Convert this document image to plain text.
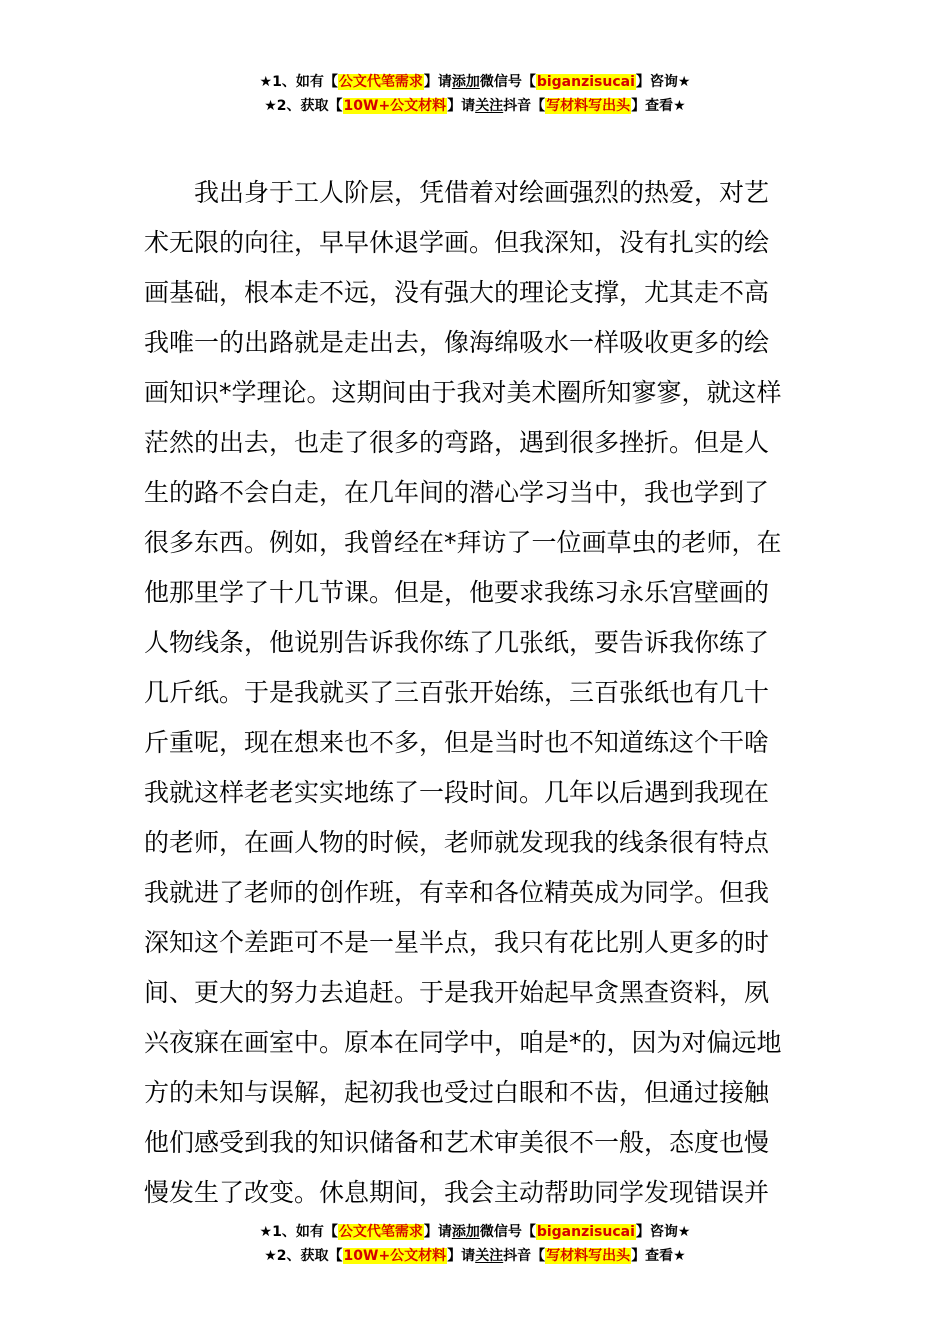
★1、如有【公文代笔需求】请添加微信号【biganzisucai】咨询★
★2、获取【10W+公文材料】请关注抖音【写材料写出头】查看★
我出身于工人阶层，凭借着对绘画强烈的热爱，对艺
术无限的向往，早早休退学画。但我深知，没有扎实的绘
画基础，根本走不远，没有强大的理论支撑，尤其走不高
我唯一的出路就是走出去，像海绵吸水一样吸收更多的绘
画知识*学理论。这期间由于我对美术圈所知寥寥，就这样
茫然的出去，也走了很多的弯路，遇到很多挫折。但是人
生的路不会白走，在几年间的潜心学习当中，我也学到了
很多东西。例如，我曾经在*拜访了一位画草虫的老师，在
他那里学了十几节课。但是，他要求我练习永乐宫壁画的
人物线条，他说别告诉我你练了几张纸，要告诉我你练了
几斤纸。于是我就买了三百张开始练，三百张纸也有几十
斤重呢，现在想来也不多，但是当时也不知道练这个干啥
我就这样老老实实地练了一段时间。几年以后遇到我现在
的老师，在画人物的时候，老师就发现我的线条很有特点
我就进了老师的创作班，有幸和各位精英成为同学。但我
深知这个差距可不是一星半点，我只有花比别人更多的时
间、更大的努力去追赶。于是我开始起早贪黑查资料，夙
兴夜寐在画室中。原本在同学中，咱是*的，因为对偏远地
方的未知与误解，起初我也受过白眼和不齿，但通过接触
他们感受到我的知识储备和艺术审美很不一般，态度也慢
慢发生了改变。休息期间，我会主动帮助同学发现错误并
★1、如有【公文代笔需求】请添加微信号【biganzisucai】咨询★
★2、获取【10W+公文材料】请关注抖音【写材料写出头】查看★
